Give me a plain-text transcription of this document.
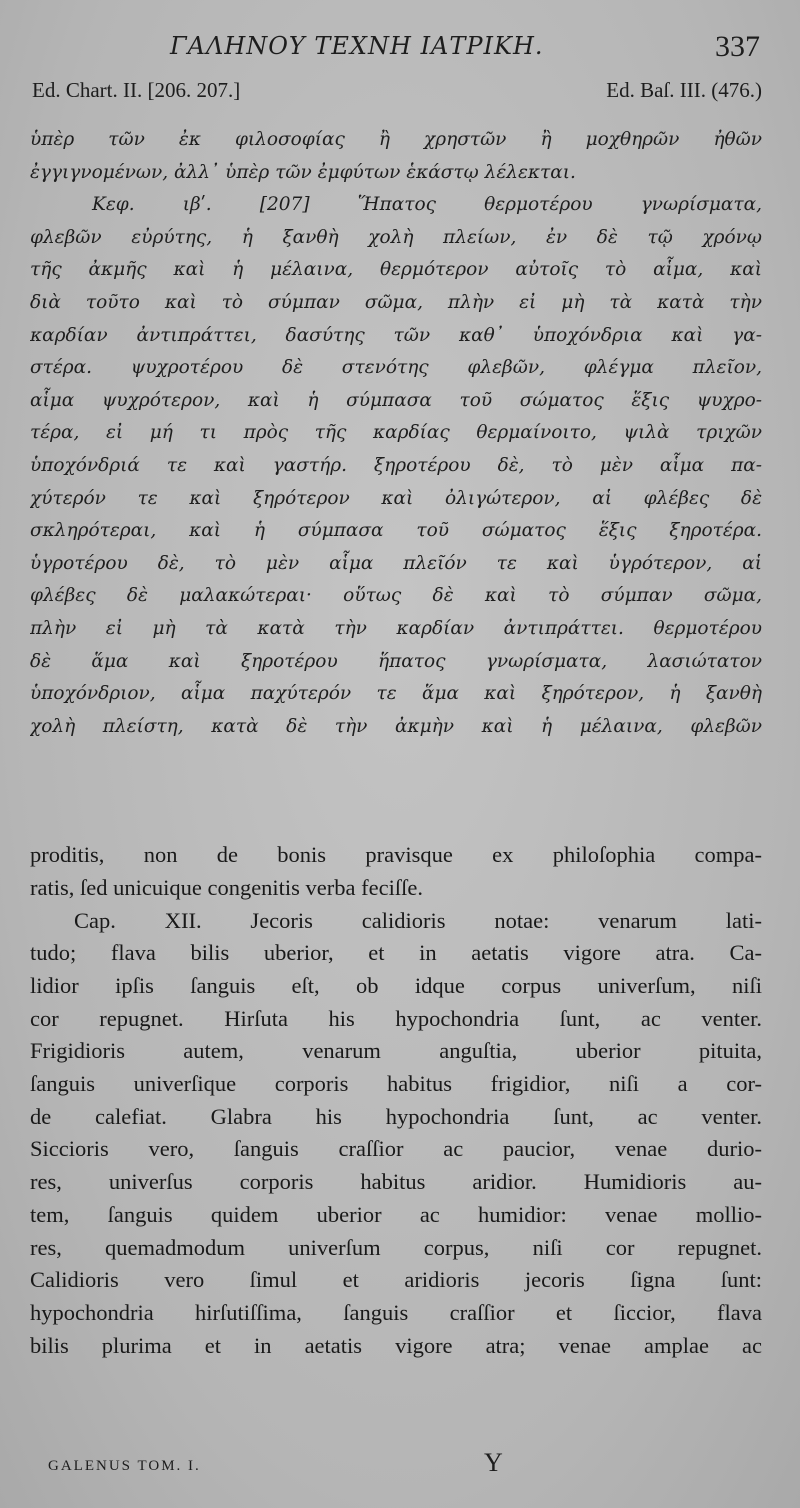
ΓΑΛΗΝΟΥ ΤΕΧΝΗ ΙΑΤΡΙΚΗ.	337
Ed. Chart. II. [206. 207.]	Ed. Baſ. III. (476.)
ὑπὲρ τῶν ἐκ φιλοσοφίας ἢ χρηστῶν ἢ μοχθηρῶν ἠθῶν
ἐγγιγνομένων, ἀλλ᾽ ὑπὲρ τῶν ἐμφύτων ἑκάστῳ λέλεκται.
Κεφ. ιβʹ. [207] Ἥπατος θερμοτέρου γνωρίσματα,
φλεβῶν εὐρύτης, ἡ ξανθὴ χολὴ πλείων, ἐν δὲ τῷ χρόνῳ
τῆς ἀκμῆς καὶ ἡ μέλαινα, θερμότερον αὐτοῖς τὸ αἷμα, καὶ
διὰ τοῦτο καὶ τὸ σύμπαν σῶμα, πλὴν εἰ μὴ τὰ κατὰ τὴν
καρδίαν ἀντιπράττει, δασύτης τῶν καθ᾽ ὑποχόνδρια καὶ γα-
στέρα. ψυχροτέρου δὲ στενότης φλεβῶν, φλέγμα πλεῖον,
αἷμα ψυχρότερον, καὶ ἡ σύμπασα τοῦ σώματος ἕξις ψυχρο-
τέρα, εἰ μή τι πρὸς τῆς καρδίας θερμαίνοιτο, ψιλὰ τριχῶν
ὑποχόνδριά τε καὶ γαστήρ. ξηροτέρου δὲ, τὸ μὲν αἷμα πα-
χύτερόν τε καὶ ξηρότερον καὶ ὀλιγώτερον, αἱ φλέβες δὲ
σκληρότεραι, καὶ ἡ σύμπασα τοῦ σώματος ἕξις ξηροτέρα.
ὑγροτέρου δὲ, τὸ μὲν αἷμα πλεῖόν τε καὶ ὑγρότερον, αἱ
φλέβες δὲ μαλακώτεραι· οὕτως δὲ καὶ τὸ σύμπαν σῶμα,
πλὴν εἰ μὴ τὰ κατὰ τὴν καρδίαν ἀντιπράττει. θερμοτέρου
δὲ ἅμα καὶ ξηροτέρου ἥπατος γνωρίσματα, λασιώτατον
ὑποχόνδριον, αἷμα παχύτερόν τε ἅμα καὶ ξηρότερον, ἡ ξανθὴ
χολὴ πλείστη, κατὰ δὲ τὴν ἀκμὴν καὶ ἡ μέλαινα, φλεβῶν
proditis, non de bonis pravisque ex philoſophia compa-
ratis, ſed unicuique congenitis verba feciſſe.
Cap. XII. Jecoris calidioris notae: venarum lati-
tudo; flava bilis uberior, et in aetatis vigore atra. Ca-
lidior ipſis ſanguis eſt, ob idque corpus univerſum, niſi
cor repugnet. Hirſuta his hypochondria ſunt, ac venter.
Frigidioris autem, venarum anguſtia, uberior pituita,
ſanguis univerſique corporis habitus frigidior, niſi a cor-
de calefiat. Glabra his hypochondria ſunt, ac venter.
Siccioris vero, ſanguis craſſior ac paucior, venae durio-
res, univerſus corporis habitus aridior. Humidioris au-
tem, ſanguis quidem uberior ac humidior: venae mollio-
res, quemadmodum univerſum corpus, niſi cor repugnet.
Calidioris vero ſimul et aridioris jecoris ſigna ſunt:
hypochondria hirſutiſſima, ſanguis craſſior et ſiccior, flava
bilis plurima et in aetatis vigore atra; venae amplae ac
GALENUS TOM. I.	Y
